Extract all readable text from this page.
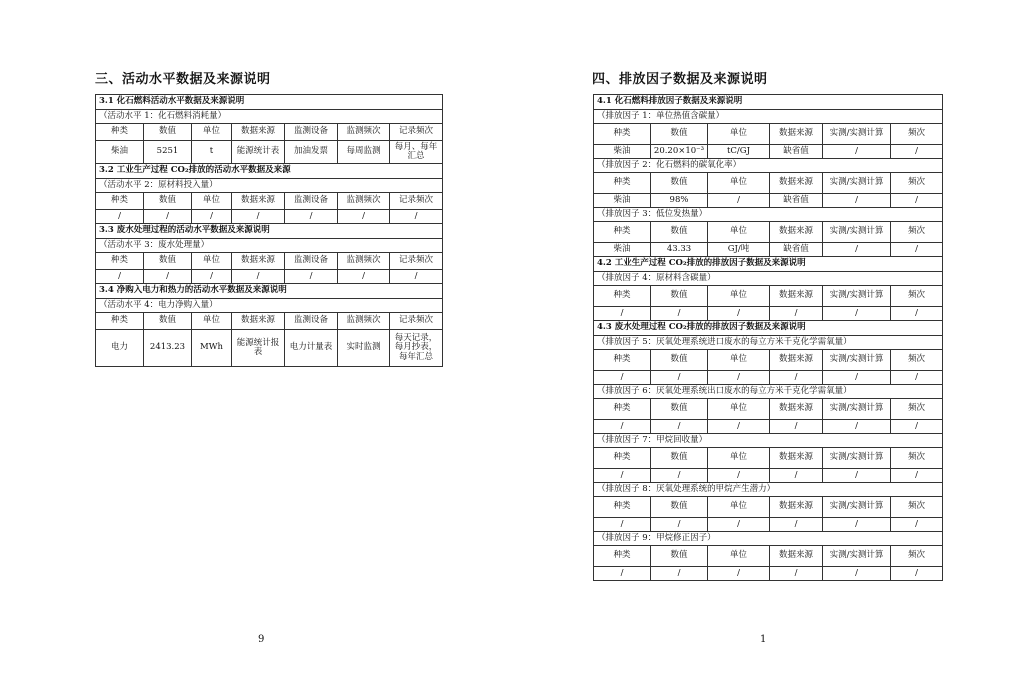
三、活动水平数据及来源说明
3.1 化石燃料活动水平数据及来源说明						
（活动水平 1：化石燃料消耗量）						
种类	数值	单位	数据来源	监测设备	监测频次	记录频次
柴油	5251	t	能源统计表	加油发票	每周监测	每月、每年汇总
3.2 工业生产过程 CO₂排放的活动水平数据及来源						
（活动水平 2：原材料投入量）						
种类	数值	单位	数据来源	监测设备	监测频次	记录频次
/	/	/	/	/	/	/
3.3 废水处理过程的活动水平数据及来源说明						
（活动水平 3：废水处理量）						
种类	数值	单位	数据来源	监测设备	监测频次	记录频次
/	/	/	/	/	/	/
3.4 净购入电力和热力的活动水平数据及来源说明						
（活动水平 4：电力净购入量）						
种类	数值	单位	数据来源	监测设备	监测频次	记录频次
电力	2413.23	MWh	能源统计报表	电力计量表	实时监测	每天记录，每月抄表，每年汇总
9
四、排放因子数据及来源说明
4.1 化石燃料排放因子数据及来源说明					
（排放因子 1：单位热值含碳量）					
种类	数值	单位	数据来源	实测/实测计算	频次
柴油	20.20×10⁻³	tC/GJ	缺省值	/	/
（排放因子 2：化石燃料的碳氧化率）					
种类	数值	单位	数据来源	实测/实测计算	频次
柴油	98%	/	缺省值	/	/
（排放因子 3：低位发热量）					
种类	数值	单位	数据来源	实测/实测计算	频次
柴油	43.33	GJ/吨	缺省值	/	/
4.2 工业生产过程 CO₂排放的排放因子数据及来源说明					
（排放因子 4：原材料含碳量）					
种类	数值	单位	数据来源	实测/实测计算	频次
/	/	/	/	/	/
4.3 废水处理过程 CO₂排放的排放因子数据及来源说明					
（排放因子 5：厌氧处理系统进口废水的每立方米千克化学需氧量）					
种类	数值	单位	数据来源	实测/实测计算	频次
/	/	/	/	/	/
（排放因子 6：厌氧处理系统出口废水的每立方米千克化学需氧量）					
种类	数值	单位	数据来源	实测/实测计算	频次
/	/	/	/	/	/
（排放因子 7：甲烷回收量）					
种类	数值	单位	数据来源	实测/实测计算	频次
/	/	/	/	/	/
（排放因子 8：厌氧处理系统的甲烷产生潜力）					
种类	数值	单位	数据来源	实测/实测计算	频次
/	/	/	/	/	/
（排放因子 9：甲烷修正因子）					
种类	数值	单位	数据来源	实测/实测计算	频次
/	/	/	/	/	/
1
